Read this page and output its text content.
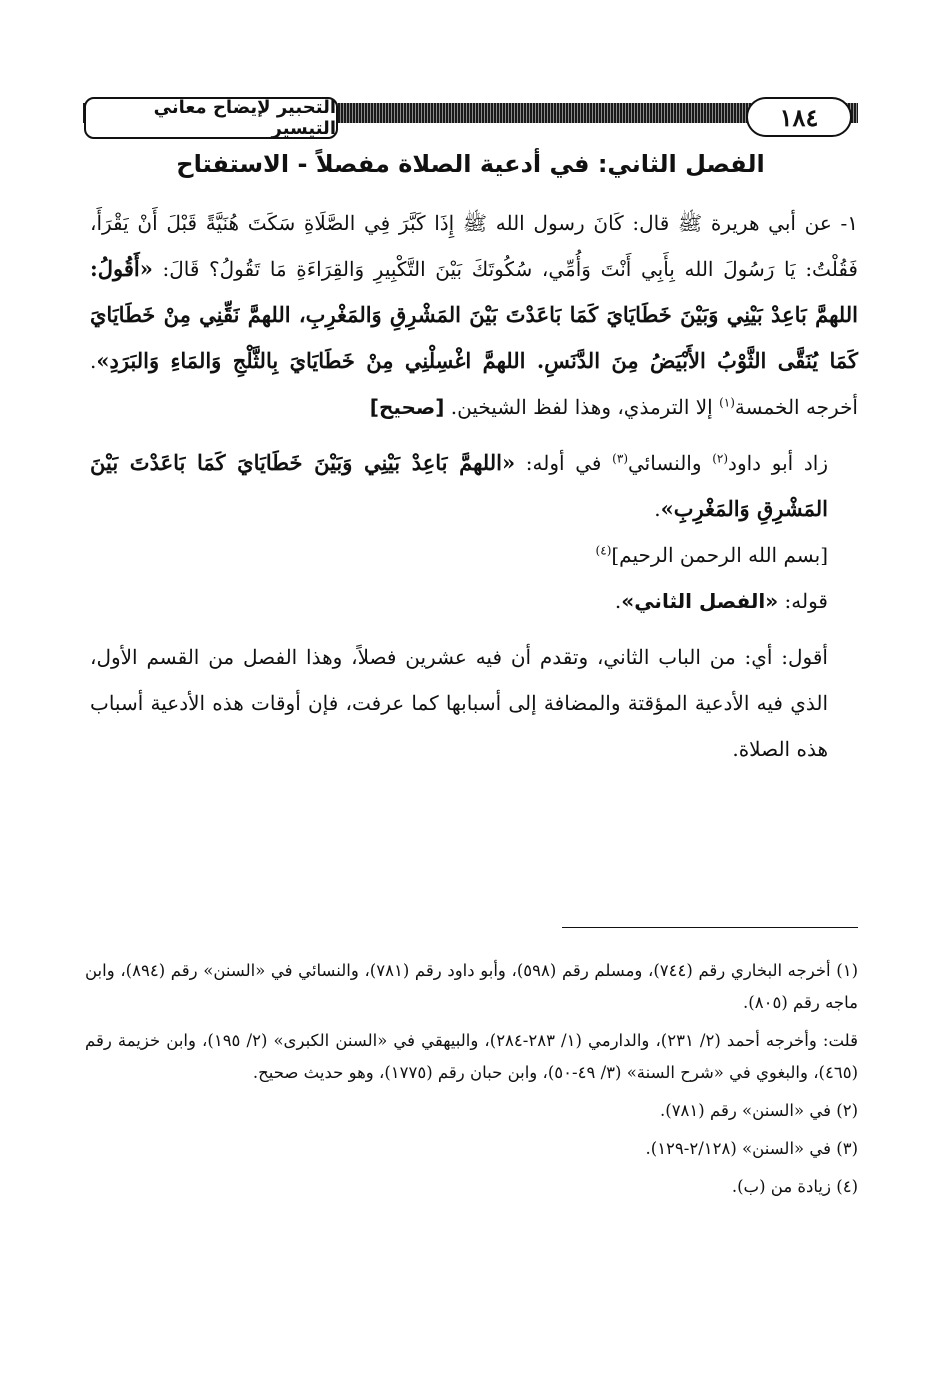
التحبير لإيضاح معاني التيسير	١٨٤
الفصل الثاني: في أدعية الصلاة مفصلاً - الاستفتاح

١- عن أبي هريرة ﷺ قال: كَانَ رسول الله ﷺ إِذَا كَبَّرَ فِي الصَّلَاةِ سَكَتَ هُنَيَّةً قَبْلَ أَنْ يَقْرَأَ، فَقُلْتُ: يَا رَسُولَ الله بِأَبِي أَنْتَ وَأُمِّي، سُكُوتَكَ بَيْنَ التَّكْبِيرِ وَالقِرَاءَةِ مَا تَقُولُ؟ قَالَ: «أَقُولُ: اللهمَّ بَاعِدْ بَيْنِي وَبَيْنَ خَطَايَايَ كَمَا بَاعَدْتَ بَيْنَ المَشْرِقِ وَالمَغْرِبِ، اللهمَّ نَقِّنِي مِنْ خَطَايَايَ كَمَا يُنَقَّى الثَّوْبُ الأَبْيَضُ مِنَ الدَّنَسِ. اللهمَّ اغْسِلْنِي مِنْ خَطَايَايَ بِالثَّلْجِ وَالمَاءِ وَالبَرَدِ». أخرجه الخمسة$^{(١)}$ إلا الترمذي، وهذا لفظ الشيخين. [صحيح]

زاد أبو داود$^{(٢)}$ والنسائي$^{(٣)}$ في أوله: «اللهمَّ بَاعِدْ بَيْنِي وَبَيْنَ خَطَايَايَ كَمَا بَاعَدْتَ بَيْنَ المَشْرِقِ وَالمَغْرِبِ».

[بسم الله الرحمن الرحيم]$^{(٤)}$

قوله: «الفصل الثاني».

أقول: أي: من الباب الثاني، وتقدم أن فيه عشرين فصلاً، وهذا الفصل من القسم الأول، الذي فيه الأدعية المؤقتة والمضافة إلى أسبابها كما عرفت، فإن أوقات هذه الأدعية أسباب هذه الصلاة.

(١) أخرجه البخاري رقم (٧٤٤)، ومسلم رقم (٥٩٨)، وأبو داود رقم (٧٨١)، والنسائي في «السنن» رقم (٨٩٤)، وابن ماجه رقم (٨٠٥).

قلت: وأخرجه أحمد (٢/ ٢٣١)، والدارمي (١/ ٢٨٣-٢٨٤)، والبيهقي في «السنن الكبرى» (٢/ ١٩٥)، وابن خزيمة رقم (٤٦٥)، والبغوي في «شرح السنة» (٣/ ٤٩-٥٠)، وابن حبان رقم (١٧٧٥)، وهو حديث صحيح.

(٢) في «السنن» رقم (٧٨١).

(٣) في «السنن» (٢/١٢٨-١٢٩).

(٤) زيادة من (ب).
